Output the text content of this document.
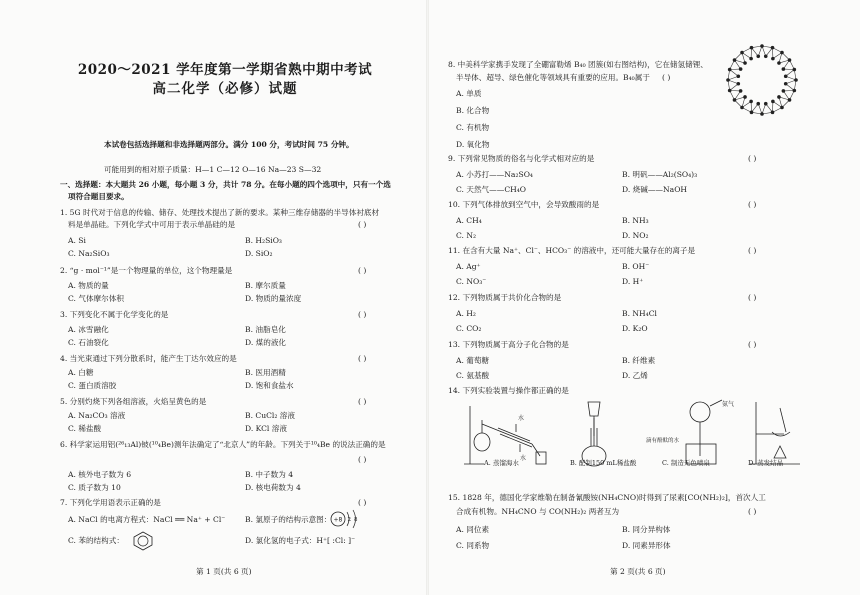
2020～2021 学年度第一学期省熟中期中考试
高二化学（必修）试题
本试卷包括选择题和非选择题两部分。满分 100 分，考试时间 75 分钟。
可能用到的相对原子质量：H—1 C—12 O—16 Na—23 S—32
一、选择题：本大题共 26 小题，每小题 3 分，共计 78 分。在每小题的四个选项中，只有一个选
项符合题目要求。
1. 5G 时代对于信息的传输、储存、处理技术提出了新的要求。某种三维存储器的半导体衬底材
料是单晶硅。下列化学式中可用于表示单晶硅的是	( )
A. Si	B. H₂SiO₃
C. Na₂SiO₃	D. SiO₂
2. “g · mol⁻¹”是一个物理量的单位，这个物理量是	( )
A. 物质的量	B. 摩尔质量
C. 气体摩尔体积	D. 物质的量浓度
3. 下列变化不属于化学变化的是	( )
A. 冰雪融化	B. 油脂皂化
C. 石油裂化	D. 煤的液化
4. 当光束通过下列分散系时，能产生丁达尔效应的是	( )
A. 白糖	B. 医用酒精
C. 蛋白质溶胶	D. 饱和食盐水
5. 分别灼烧下列各组溶液，火焰呈黄色的是	( )
A. Na₂CO₃ 溶液	B. CuCl₂ 溶液
C. 稀盐酸	D. KCl 溶液
6. 科学家运用铝(²⁶₁₃Al)铍(¹⁰₄Be)测年法确定了“北京人”的年龄。下列关于¹⁰₄Be 的说法正确的是
( )
A. 核外电子数为 6	B. 中子数为 4
C. 质子数为 10	D. 核电荷数为 4
7. 下列化学用语表示正确的是	( )
A. NaCl 的电离方程式：NaCl ══ Na⁺ + Cl⁻	B. 氯原子的结构示意图： +8 2 8
C. 苯的结构式：	D. 氯化氢的电子式：H⁺[ :Cl: ]⁻
第 1 页(共 6 页)
8. 中美科学家携手发现了全硼富勒烯 B₄₀ 团簇(如右图结构)，它在储氢储锂、
半导体、超导、绿色催化等领域具有重要的应用。B₄₀属于 ( )
A. 单质
B. 化合物
C. 有机物
D. 氧化物
9. 下列常见物质的俗名与化学式相对应的是	( )
A. 小苏打——Na₂SO₄	B. 明矾——Al₂(SO₄)₃
C. 天然气——CH₄O	D. 烧碱——NaOH
10. 下列气体排放到空气中，会导致酸雨的是	( )
A. CH₄	B. NH₃
C. N₂	D. NO₂
11. 在含有大量 Na⁺、Cl⁻、HCO₃⁻ 的溶液中，还可能大量存在的离子是	( )
A. Ag⁺	B. OH⁻
C. NO₃⁻	D. H⁺
12. 下列物质属于共价化合物的是	( )
A. H₂	B. NH₄Cl
C. CO₂	D. K₂O
13. 下列物质属于高分子化合物的是	( )
A. 葡萄糖	B. 纤维素
C. 氨基酸	D. 乙烯
14. 下列实验装置与操作都正确的是
水
水
氨气
滴有酚酞的水
A. 蒸馏海水	B. 配制150 mL稀盐酸	C. 制造无色喷泉	D. 蒸发结晶
15. 1828 年，德国化学家维勒在制备氰酸铵(NH₄CNO)时得到了尿素[CO(NH₂)₂]，首次人工
合成有机物。NH₄CNO 与 CO(NH₂)₂ 两者互为	( )
A. 同位素	B. 同分异构体
C. 同系物	D. 同素异形体
第 2 页(共 6 页)
